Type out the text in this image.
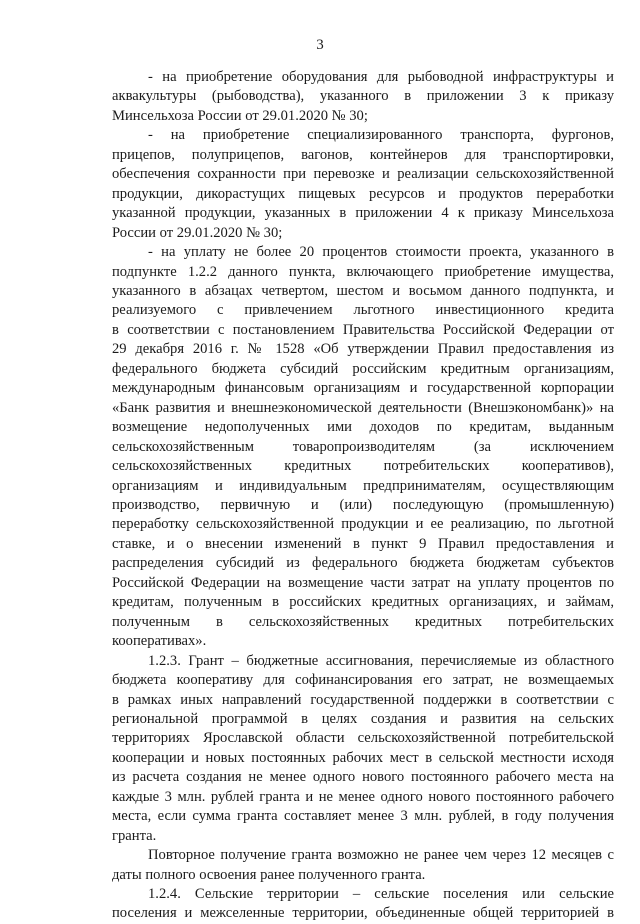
3
- на приобретение оборудования для рыбоводной инфраструктуры и
аквакультуры (рыбоводства), указанного в приложении 3 к приказу
Минсельхоза России от 29.01.2020 № 30;
- на приобретение специализированного транспорта, фургонов,
прицепов, полуприцепов, вагонов, контейнеров для транспортировки,
обеспечения сохранности при перевозке и реализации сельскохозяйственной
продукции, дикорастущих пищевых ресурсов и продуктов переработки
указанной продукции, указанных в приложении 4 к приказу Минсельхоза
России от 29.01.2020 № 30;
- на уплату не более 20 процентов стоимости проекта, указанного в
подпункте 1.2.2 данного пункта, включающего приобретение имущества,
указанного в абзацах четвертом, шестом и восьмом данного подпункта, и
реализуемого с привлечением льготного инвестиционного кредита
в соответствии с постановлением Правительства Российской Федерации от
29 декабря 2016 г. № 1528 «Об утверждении Правил предоставления из
федерального бюджета субсидий российским кредитным организациям,
международным финансовым организациям и государственной корпорации
«Банк развития и внешнеэкономической деятельности (Внешэкономбанк)» на
возмещение недополученных ими доходов по кредитам, выданным
сельскохозяйственным товаропроизводителям (за исключением
сельскохозяйственных кредитных потребительских кооперативов),
организациям и индивидуальным предпринимателям, осуществляющим
производство, первичную и (или) последующую (промышленную)
переработку сельскохозяйственной продукции и ее реализацию, по льготной
ставке, и о внесении изменений в пункт 9 Правил предоставления и
распределения субсидий из федерального бюджета бюджетам субъектов
Российской Федерации на возмещение части затрат на уплату процентов по
кредитам, полученным в российских кредитных организациях, и займам,
полученным в сельскохозяйственных кредитных потребительских
кооперативах».
1.2.3. Грант – бюджетные ассигнования, перечисляемые из областного
бюджета кооперативу для софинансирования его затрат, не возмещаемых
в рамках иных направлений государственной поддержки в соответствии с
региональной программой в целях создания и развития на сельских
территориях Ярославской области сельскохозяйственной потребительской
кооперации и новых постоянных рабочих мест в сельской местности исходя
из расчета создания не менее одного нового постоянного рабочего места на
каждые 3 млн. рублей гранта и не менее одного нового постоянного рабочего
места, если сумма гранта составляет менее 3 млн. рублей, в году получения
гранта.
Повторное получение гранта возможно не ранее чем через 12 месяцев с
даты полного освоения ранее полученного гранта.
1.2.4. Сельские территории – сельские поселения или сельские
поселения и межселенные территории, объединенные общей территорией в
